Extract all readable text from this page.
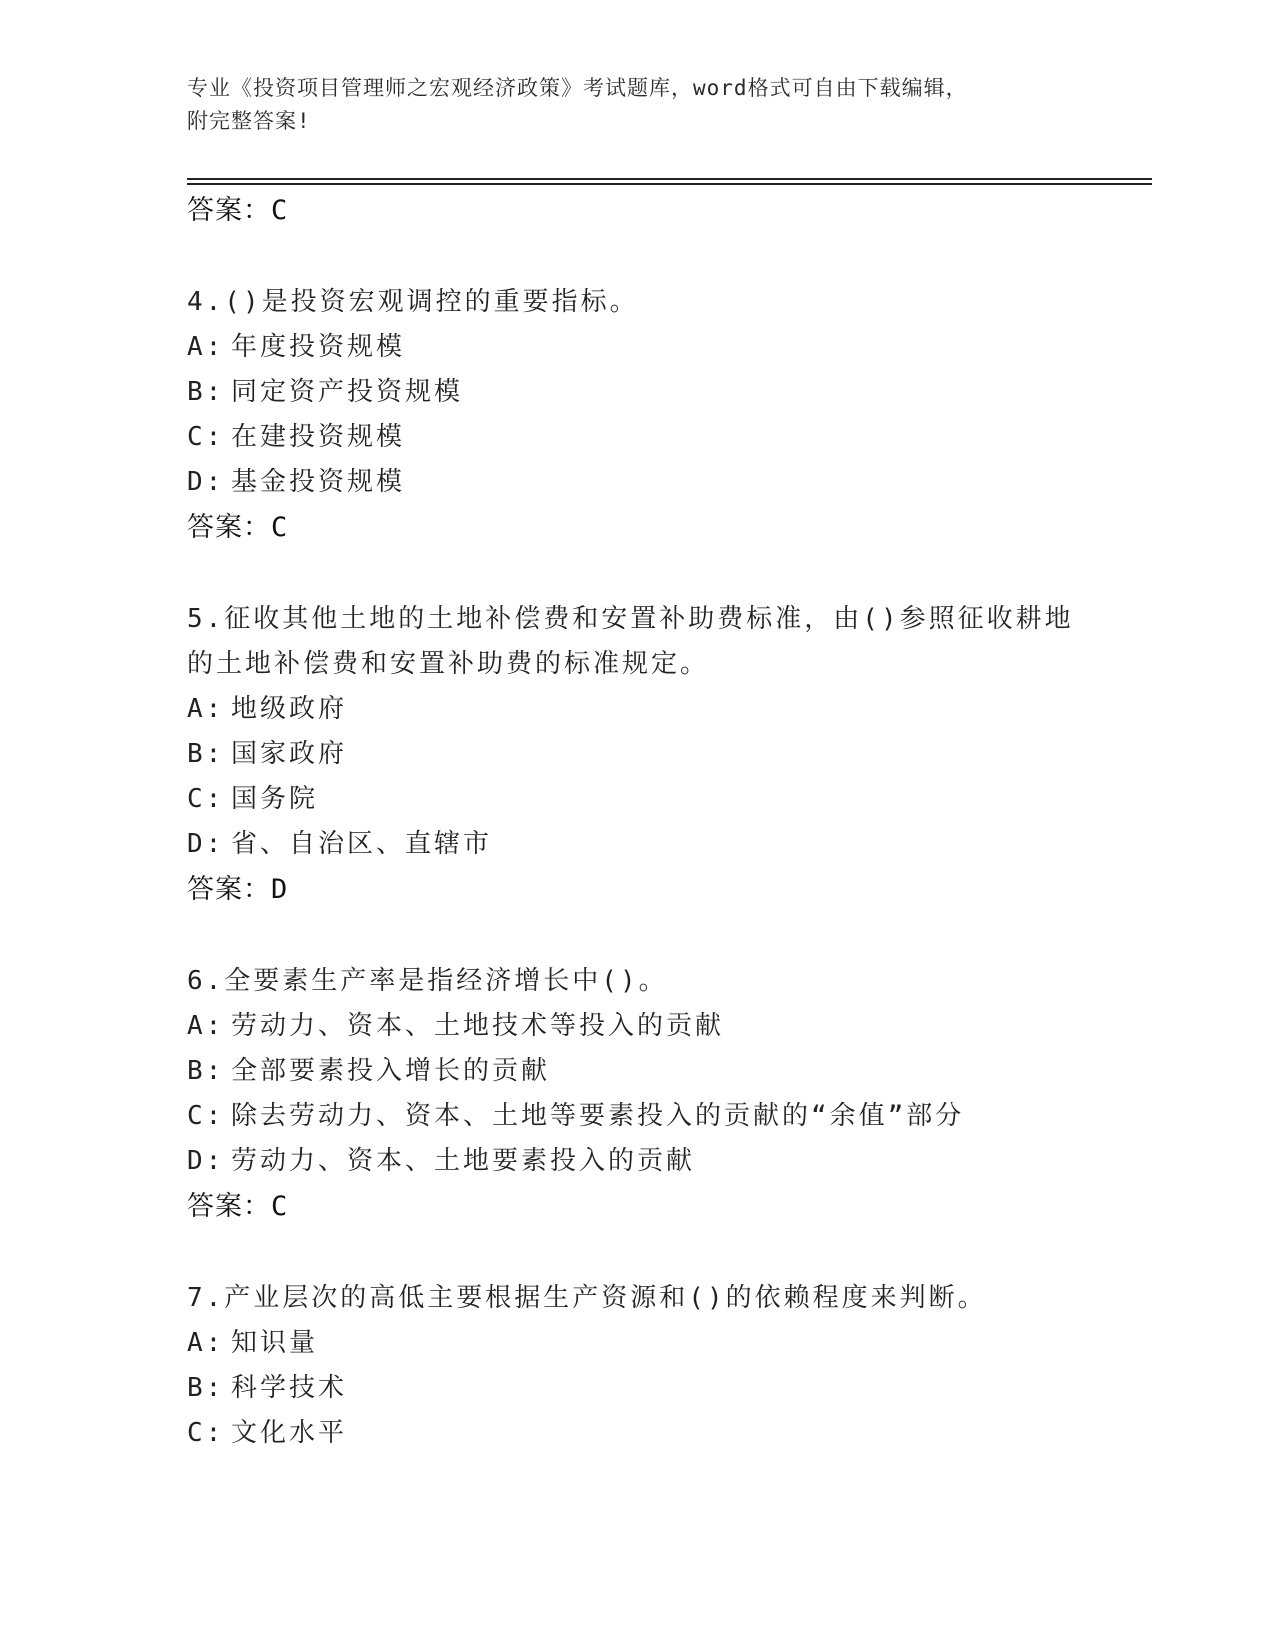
专业《投资项目管理师之宏观经济政策》考试题库，word格式可自由下载编辑，
附完整答案!
答案：C
4.()是投资宏观调控的重要指标。
A: 年度投资规模
B: 同定资产投资规模
C: 在建投资规模
D: 基金投资规模
答案：C
5.征收其他土地的土地补偿费和安置补助费标准，由()参照征收耕地
的土地补偿费和安置补助费的标准规定。
A: 地级政府
B: 国家政府
C: 国务院
D: 省、自治区、直辖市
答案：D
6.全要素生产率是指经济增长中()。
A: 劳动力、资本、土地技术等投入的贡献
B: 全部要素投入增长的贡献
C: 除去劳动力、资本、土地等要素投入的贡献的“余值”部分
D: 劳动力、资本、土地要素投入的贡献
答案：C
7.产业层次的高低主要根据生产资源和()的依赖程度来判断。
A: 知识量
B: 科学技术
C: 文化水平
